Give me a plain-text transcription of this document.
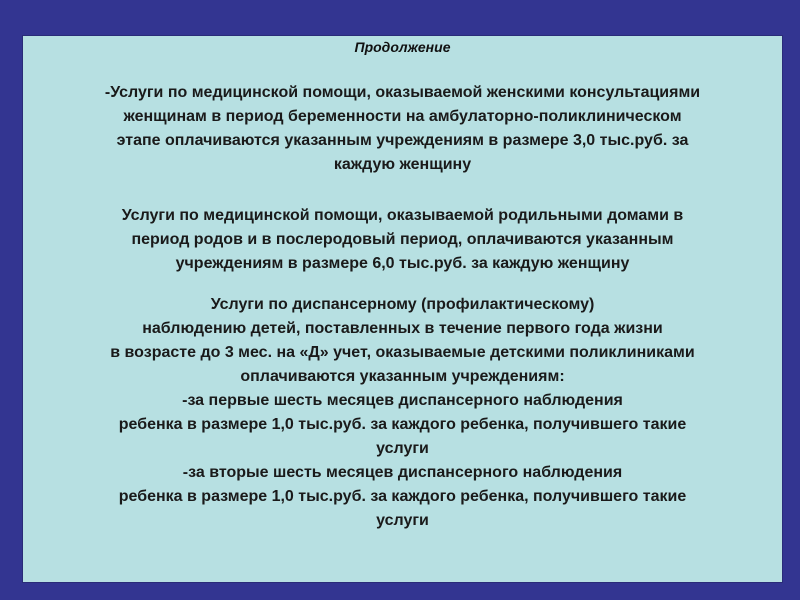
Продолжение
-Услуги по медицинской помощи, оказываемой женскими консультациями
женщинам в период беременности на амбулаторно-поликлиническом
этапе оплачиваются указанным учреждениям в размере 3,0 тыс.руб. за
каждую женщину
Услуги по медицинской помощи, оказываемой родильными домами в
период родов и в послеродовый период, оплачиваются указанным
учреждениям в размере 6,0 тыс.руб. за каждую женщину
Услуги по диспансерному (профилактическому)
наблюдению детей, поставленных в течение первого года жизни
в возрасте до 3 мес. на «Д» учет, оказываемые детскими поликлиниками
оплачиваются указанным учреждениям:
-за первые шесть месяцев диспансерного наблюдения
ребенка в размере 1,0 тыс.руб. за каждого ребенка, получившего такие
услуги
-за вторые шесть месяцев диспансерного наблюдения
ребенка в размере 1,0 тыс.руб. за каждого ребенка, получившего такие
услуги
